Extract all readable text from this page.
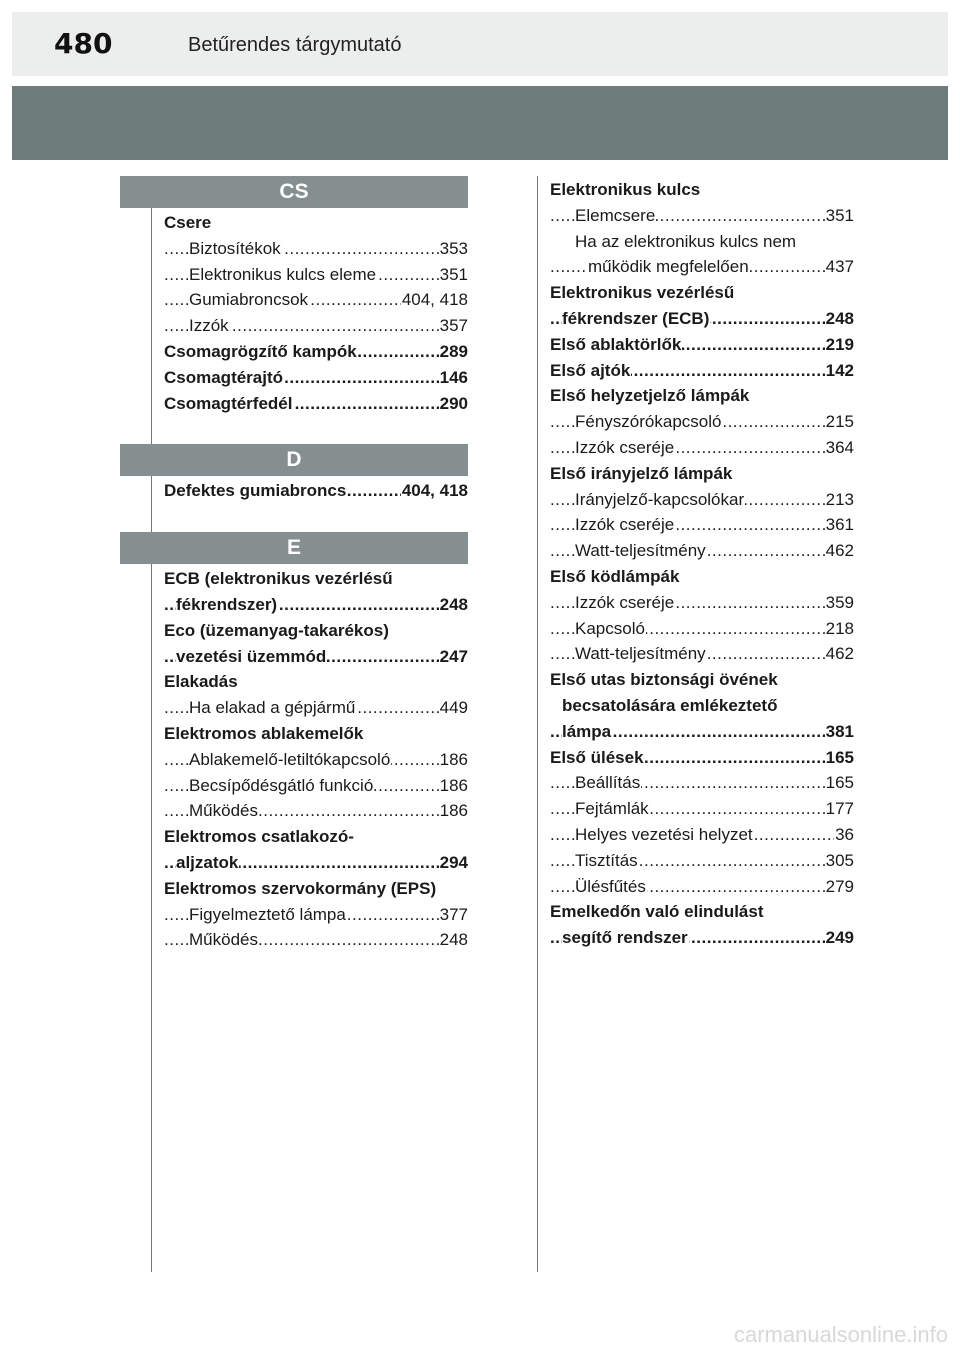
480	Betűrendes tárgymutató
CS
Csere
..... Biztosítékok	353
..... Elektronikus kulcs eleme	351
..... Gumiabroncsok	404, 418
..... Izzók	357
..... Csomagrögzítő kampók	289
..... Csomagtérajtó	146
..... Csomagtérfedél	290
D
..... Defektes gumiabroncs	404, 418
E
ECB (elektronikus vezérlésű
..... fékrendszer)	248
Eco (üzemanyag-takarékos)
..... vezetési üzemmód	247
Elakadás
..... Ha elakad a gépjármű	449
Elektromos ablakemelők
..... Ablakemelő-letiltókapcsoló	186
..... Becsípődésgátló funkció	186
..... Működés	186
Elektromos csatlakozó-
..... aljzatok	294
Elektromos szervokormány (EPS)
..... Figyelmeztető lámpa	377
..... Működés	248
Elektronikus kulcs
..... Elemcsere	351
Ha az elektronikus kulcs nem
..... működik megfelelően	437
Elektronikus vezérlésű
..... fékrendszer (ECB)	248
..... Első ablaktörlők	219
..... Első ajtók	142
Első helyzetjelző lámpák
..... Fényszórókapcsoló	215
..... Izzók cseréje	364
Első irányjelző lámpák
..... Irányjelző-kapcsolókar	213
..... Izzók cseréje	361
..... Watt-teljesítmény	462
Első ködlámpák
..... Izzók cseréje	359
..... Kapcsoló	218
..... Watt-teljesítmény	462
Első utas biztonsági övének
becsatolására emlékeztető
..... lámpa	381
..... Első ülések	165
..... Beállítás	165
..... Fejtámlák	177
..... Helyes vezetési helyzet	36
..... Tisztítás	305
..... Ülésfűtés	279
Emelkedőn való elindulást
..... segítő rendszer	249
carmanualsonline.info
